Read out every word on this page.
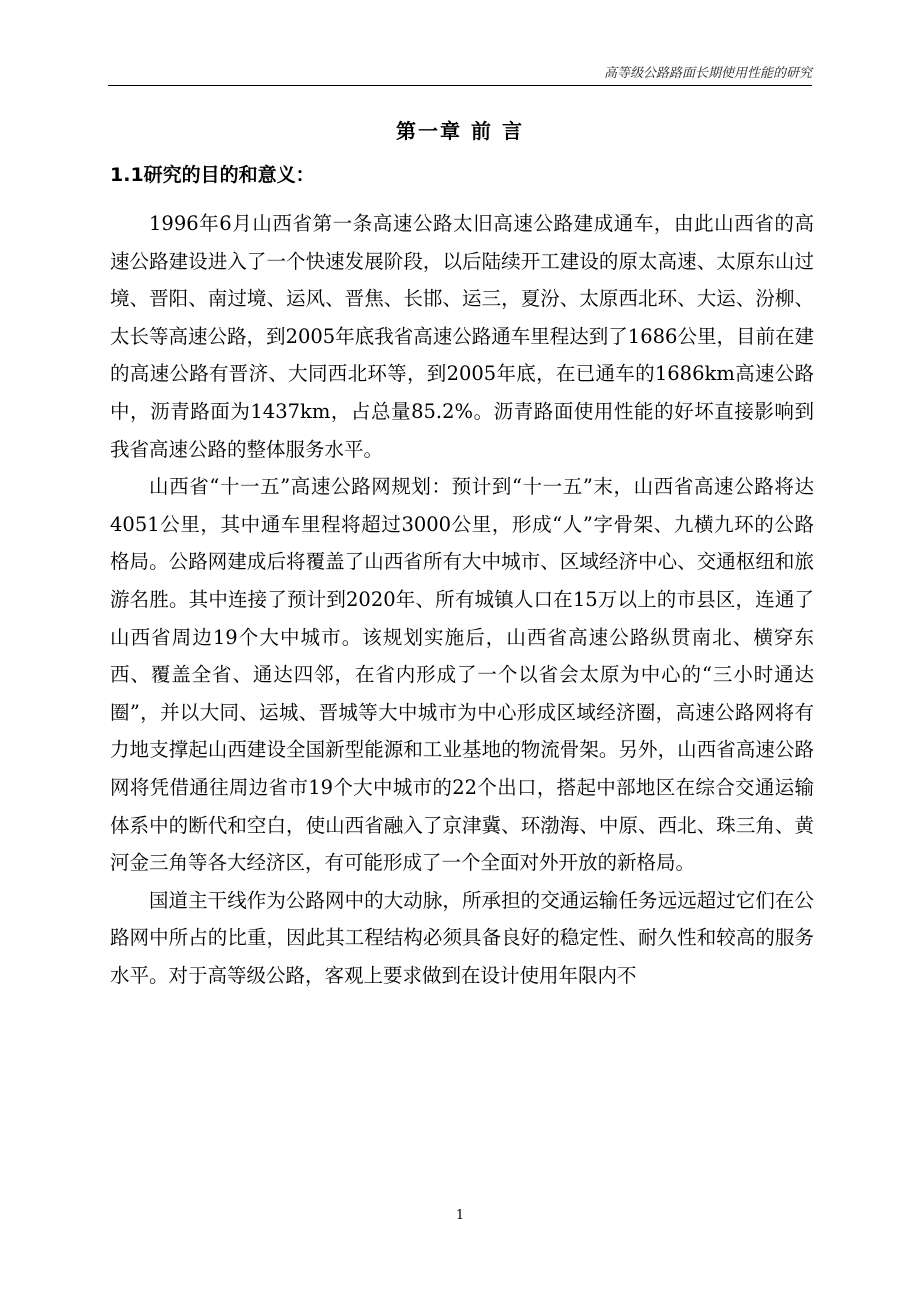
高等级公路路面长期使用性能的研究
第一章 前 言
1.1研究的目的和意义：

1996年6月山西省第一条高速公路太旧高速公路建成通车，由此山西省的高速公路建设进入了一个快速发展阶段，以后陆续开工建设的原太高速、太原东山过境、晋阳、南过境、运风、晋焦、长邯、运三，夏汾、太原西北环、大运、汾柳、太长等高速公路，到2005年底我省高速公路通车里程达到了1686公里，目前在建的高速公路有晋济、大同西北环等，到2005年底，在已通车的1686km高速公路中，沥青路面为1437km，占总量85.2%。沥青路面使用性能的好坏直接影响到我省高速公路的整体服务水平。

山西省“十一五”高速公路网规划：预计到“十一五”末，山西省高速公路将达4051公里，其中通车里程将超过3000公里，形成“人”字骨架、九横九环的公路格局。公路网建成后将覆盖了山西省所有大中城市、区域经济中心、交通枢纽和旅游名胜。其中连接了预计到2020年、所有城镇人口在15万以上的市县区，连通了山西省周边19个大中城市。该规划实施后，山西省高速公路纵贯南北、横穿东西、覆盖全省、通达四邻，在省内形成了一个以省会太原为中心的“三小时通达圈”，并以大同、运城、晋城等大中城市为中心形成区域经济圈，高速公路网将有力地支撑起山西建设全国新型能源和工业基地的物流骨架。另外，山西省高速公路网将凭借通往周边省市19个大中城市的22个出口，搭起中部地区在综合交通运输体系中的断代和空白，使山西省融入了京津冀、环渤海、中原、西北、珠三角、黄河金三角等各大经济区，有可能形成了一个全面对外开放的新格局。

国道主干线作为公路网中的大动脉，所承担的交通运输任务远远超过它们在公路网中所占的比重，因此其工程结构必须具备良好的稳定性、耐久性和较高的服务水平。对于高等级公路，客观上要求做到在设计使用年限内不

1
